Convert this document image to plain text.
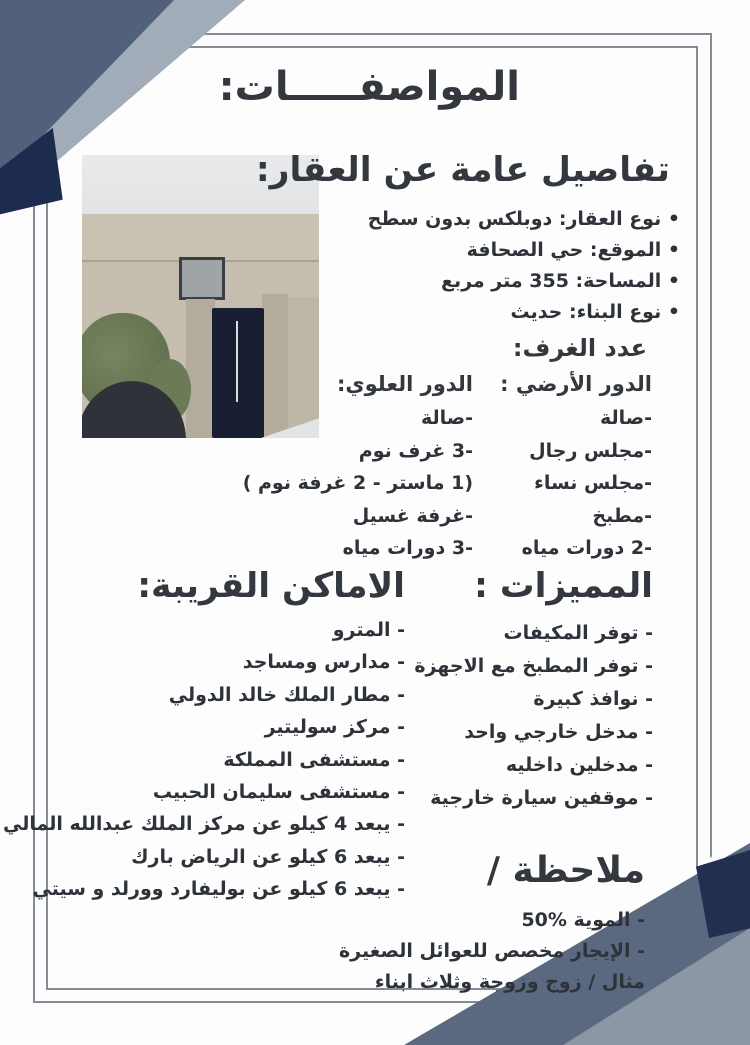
المواصفـــــات:
تفاصيل عامة عن العقار:
• نوع العقار: دوبلكس بدون سطح
• الموقع: حي الصحافة
• المساحة: 355 متر مربع
• نوع البناء: حديث
عدد الغرف:
الدور الأرضي :
-صالة
-مجلس رجال
-مجلس نساء
-مطبخ
-2 دورات مياه
الدور العلوي:
-صالة
-3 غرف نوم
(1 ماستر - 2 غرفة نوم )
-غرفة غسيل
-3 دورات مياه
المميزات :
- توفر المكيفات
- توفر المطبخ مع الاجهزة
- نوافذ كبيرة
- مدخل خارجي واحد
- مدخلين داخليه
- موقفين سيارة خارجية
الاماكن القريبة:
- المترو
- مدارس ومساجد
- مطار الملك خالد الدولي
- مركز سوليتير
- مستشفى المملكة
- مستشفى سليمان الحبيب
- يبعد 4 كيلو عن مركز الملك عبدالله المالي
- يبعد 6 كيلو عن الرياض بارك
- يبعد 6 كيلو عن بوليفارد وورلد و سيتي	ملاحظة /
- الموية %50
- الإيجار مخصص للعوائل الصغيرة
مثال / زوج وزوجة وثلاث ابناء
